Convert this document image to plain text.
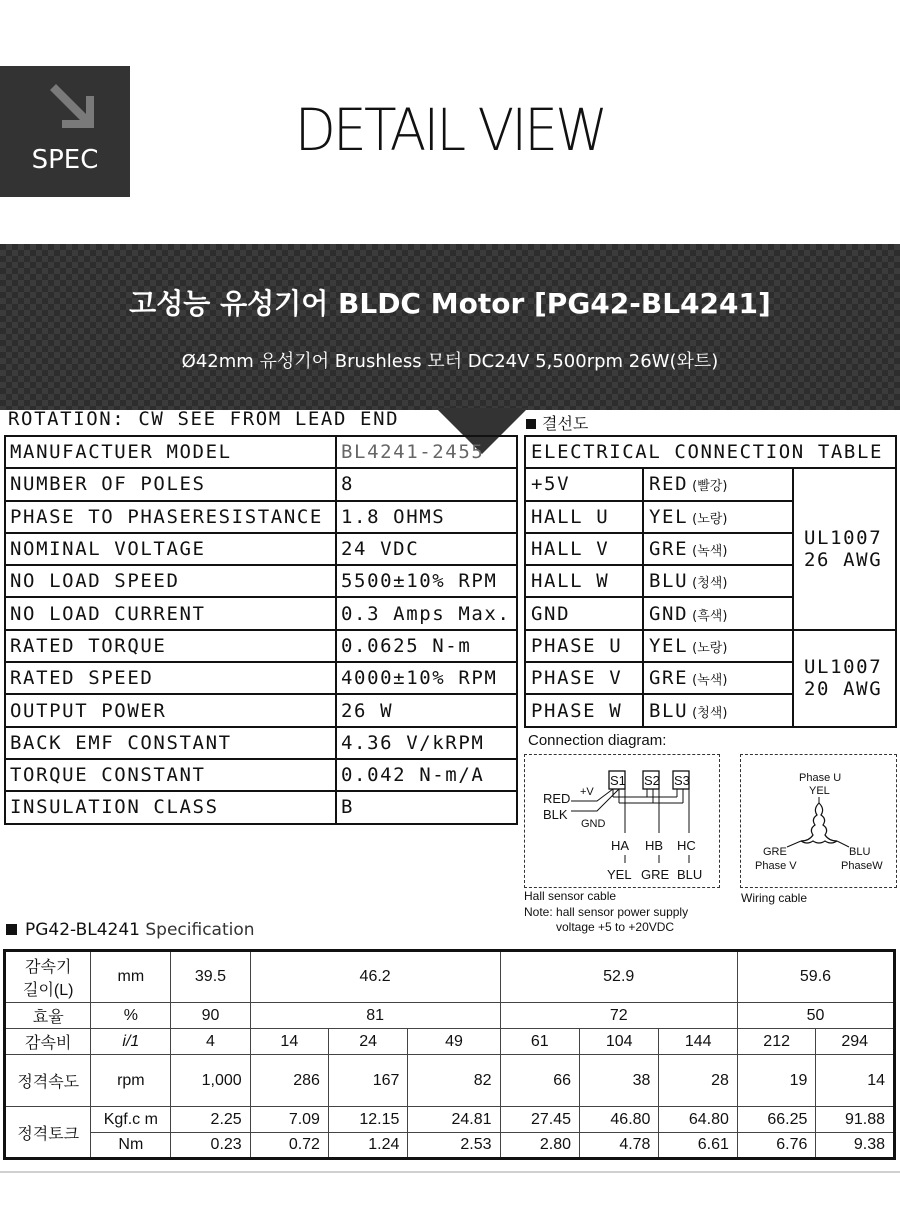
SPEC	DETAIL VIEW
고성능 유성기어 BLDC Motor [PG42-BL4241]
Ø42mm 유성기어 Brushless 모터 DC24V 5,500rpm 26W(와트)
ROTATION: CW SEE FROM LEAD END
MANUFACTUER MODEL	BL4241-2455
NUMBER OF POLES	8
PHASE TO PHASERESISTANCE	1.8 OHMS
NOMINAL VOLTAGE	24 VDC
NO LOAD SPEED	5500±10% RPM
NO LOAD CURRENT	0.3 Amps Max.
RATED TORQUE	0.0625 N-m
RATED SPEED	4000±10% RPM
OUTPUT POWER	26 W
BACK EMF CONSTANT	4.36 V/kRPM
TORQUE CONSTANT	0.042 N-m/A
INSULATION CLASS	B
결선도
ELECTRICAL CONNECTION TABLE		
+5V	RED (빨강)	UL1007
26 AWG
HALL U	YEL (노랑)	
HALL V	GRE (녹색)	
HALL W	BLU (청색)	
GND	GND (흑색)	
PHASE U	YEL (노랑)	UL1007
20 AWG
PHASE V	GRE (녹색)	
PHASE W	BLU (청색)	
Connection diagram:
S1 S2 S3
+V
RED
BLK
GND
HA HB HC
YEL GRE BLU
Phase U
YEL
GRE
Phase V
BLU
PhaseW
Hall sensor cable
Note: hall sensor power supply
voltage +5 to +20VDC
Wiring cable
PG42-BL4241 Specification
감속기
길이(L)	mm	39.5	46.2			52.9			59.6	
효율	%	90	81			72			50	
감속비	i/1	4	14	24	49	61	104	144	212	294
정격속도	rpm	1,000	286	167	82	66	38	28	19	14
정격토크	Kgf.c m	2.25	7.09	12.15	24.81	27.45	46.80	64.80	66.25	91.88
	Nm	0.23	0.72	1.24	2.53	2.80	4.78	6.61	6.76	9.38
